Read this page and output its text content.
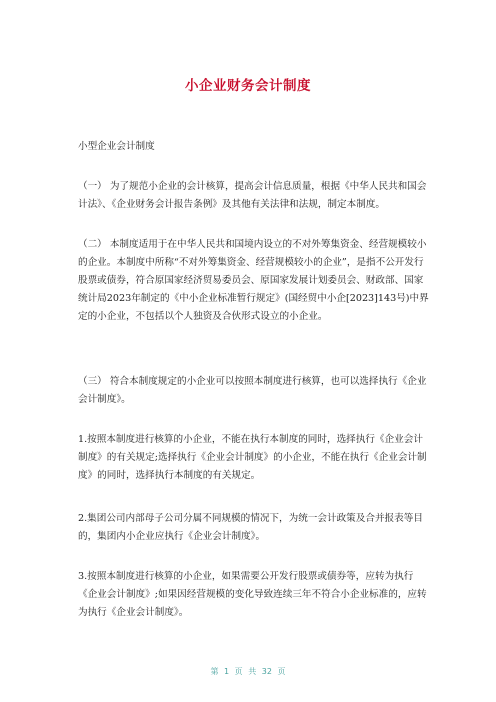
小企业财务会计制度
小型企业会计制度
（一） 为了规范小企业的会计核算，提高会计信息质量，根据《中华人民共和国会计法》、《企业财务会计报告条例》及其他有关法律和法规，制定本制度。
（二） 本制度适用于在中华人民共和国境内设立的不对外筹集资金、经营规模较小的企业。本制度中所称“不对外筹集资金、经营规模较小的企业”，是指不公开发行股票或债券，符合原国家经济贸易委员会、原国家发展计划委员会、财政部、国家统计局2023年制定的《中小企业标准暂行规定》(国经贸中小企[2023]143号)中界定的小企业，不包括以个人独资及合伙形式设立的小企业。
（三） 符合本制度规定的小企业可以按照本制度进行核算，也可以选择执行《企业会计制度》。
1.按照本制度进行核算的小企业，不能在执行本制度的同时，选择执行《企业会计制度》的有关规定;选择执行《企业会计制度》的小企业，不能在执行《企业会计制度》的同时，选择执行本制度的有关规定。
2.集团公司内部母子公司分属不同规模的情况下，为统一会计政策及合并报表等目的，集团内小企业应执行《企业会计制度》。
3.按照本制度进行核算的小企业，如果需要公开发行股票或债券等，应转为执行《企业会计制度》;如果因经营规模的变化导致连续三年不符合小企业标准的，应转为执行《企业会计制度》。
第 1 页 共 32 页
